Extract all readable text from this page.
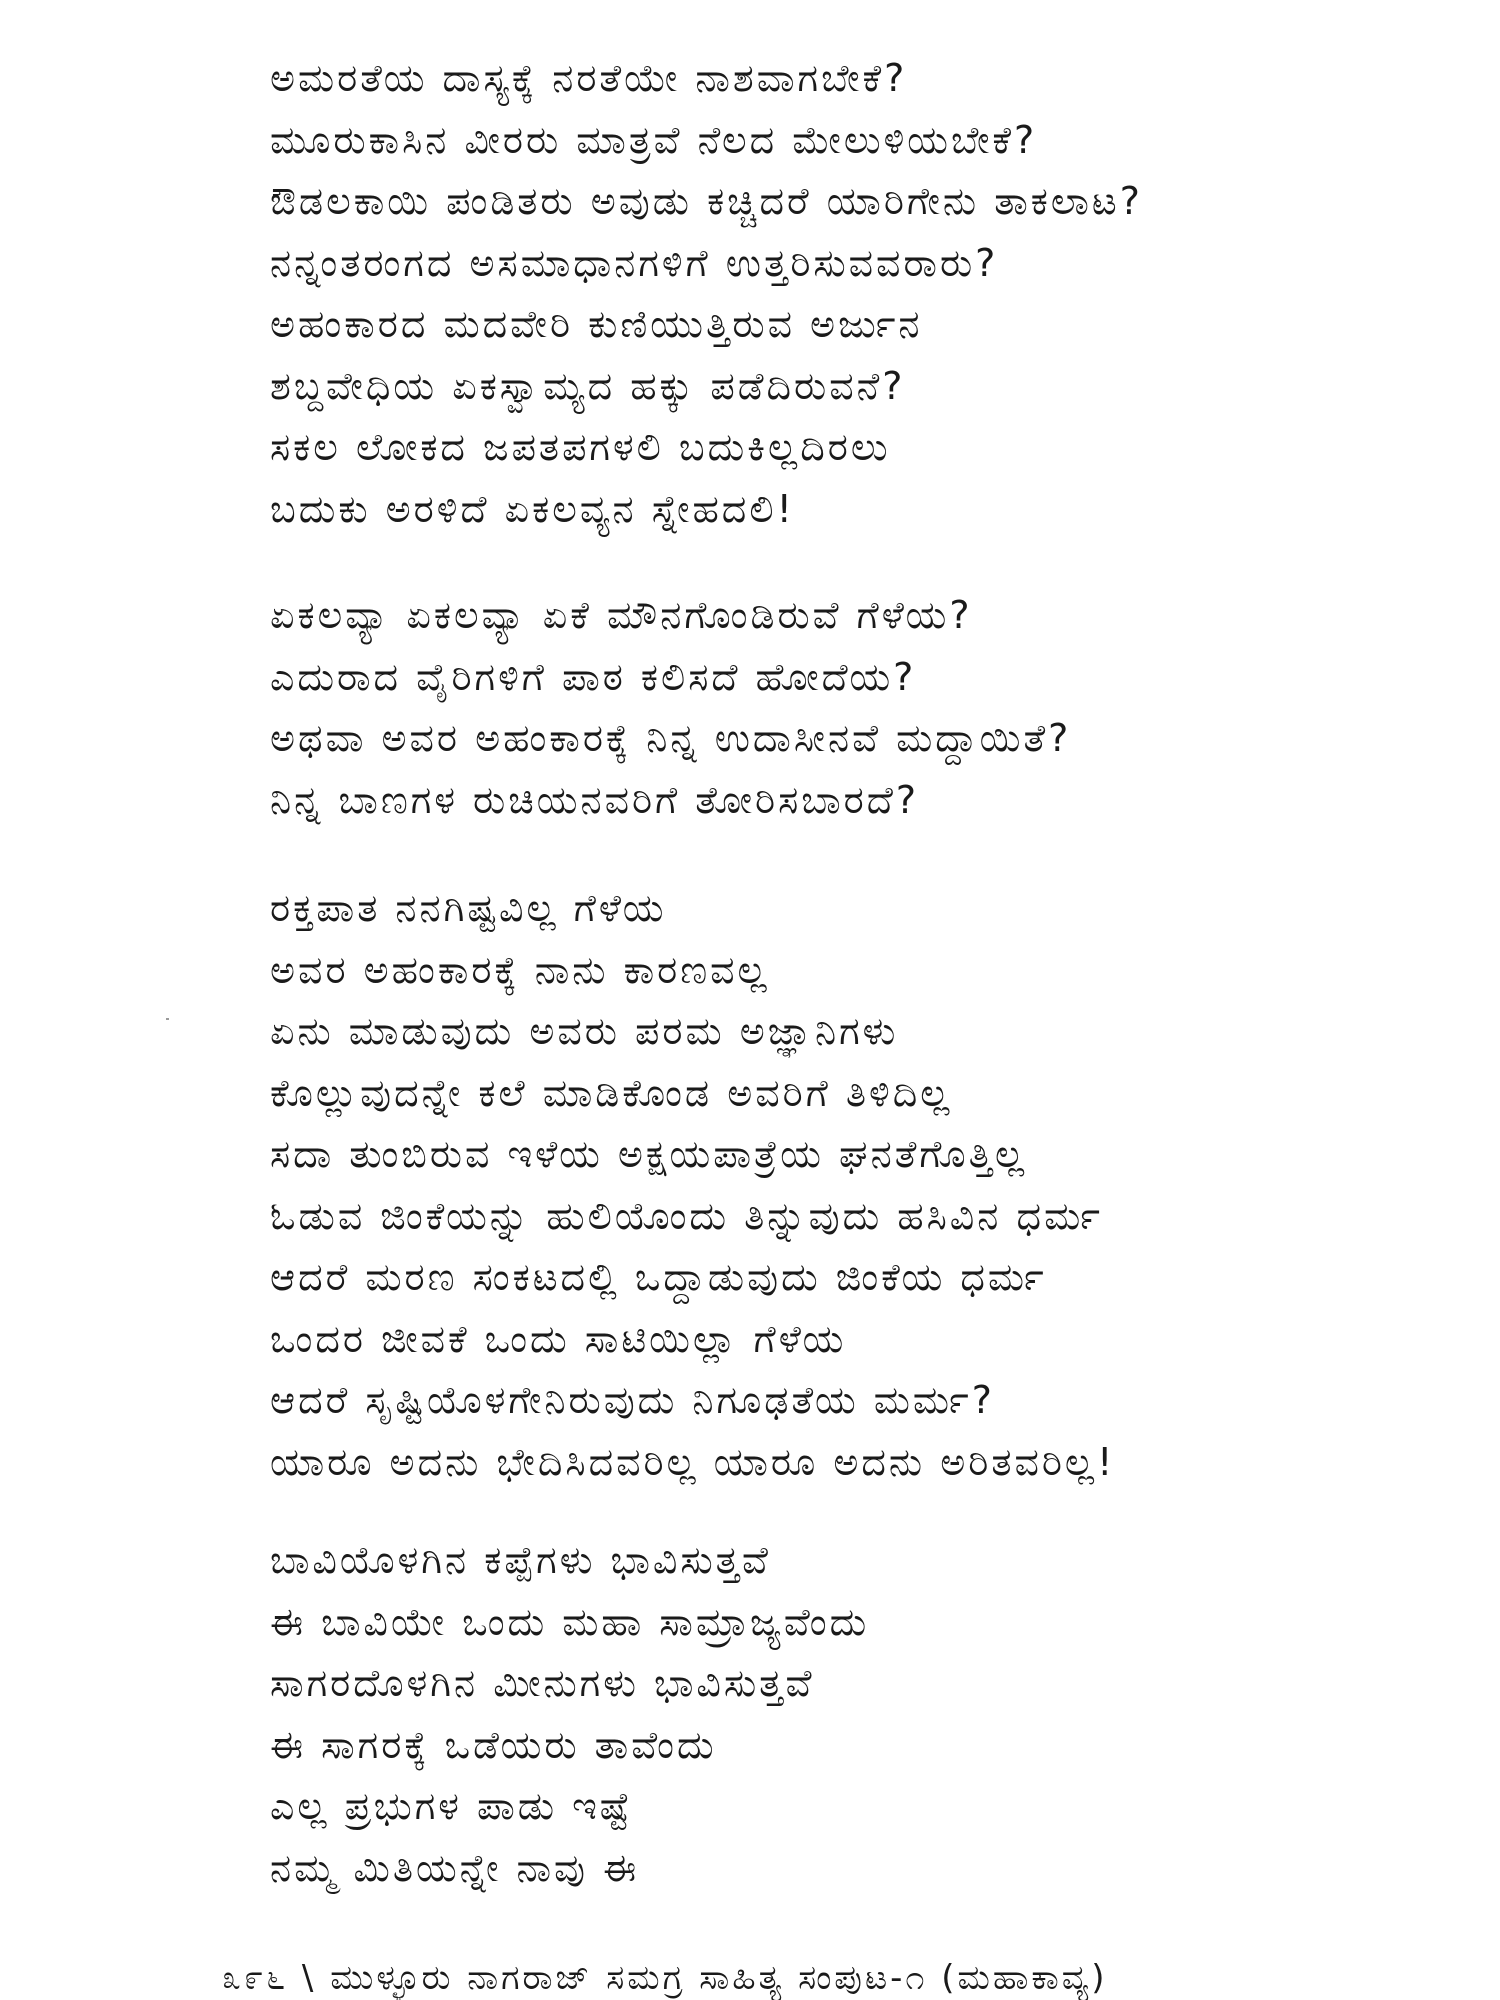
ಅಮರತೆಯ ದಾಸ್ಯಕ್ಕೆ ನರತೆಯೇ ನಾಶವಾಗಬೇಕೆ?
ಮೂರುಕಾಸಿನ ವೀರರು ಮಾತ್ರವೆ ನೆಲದ ಮೇಲುಳಿಯಬೇಕೆ?
ಔಡಲಕಾಯಿ ಪಂಡಿತರು ಅವುಡು ಕಚ್ಚಿದರೆ ಯಾರಿಗೇನು ತಾಕಲಾಟ?
ನನ್ನಂತರಂಗದ ಅಸಮಾಧಾನಗಳಿಗೆ ಉತ್ತರಿಸುವವರಾರು?
ಅಹಂಕಾರದ ಮದವೇರಿ ಕುಣಿಯುತ್ತಿರುವ ಅರ್ಜುನ
ಶಬ್ದವೇಧಿಯ ಏಕಸ್ವಾಮ್ಯದ ಹಕ್ಕು ಪಡೆದಿರುವನೆ?
ಸಕಲ ಲೋಕದ ಜಪತಪಗಳಲಿ ಬದುಕಿಲ್ಲದಿರಲು
ಬದುಕು ಅರಳಿದೆ ಏಕಲವ್ಯನ ಸ್ನೇಹದಲಿ!
ಏಕಲವ್ಯಾ ಏಕಲವ್ಯಾ ಏಕೆ ಮೌನಗೊಂಡಿರುವೆ ಗೆಳೆಯ?
ಎದುರಾದ ವೈರಿಗಳಿಗೆ ಪಾಠ ಕಲಿಸದೆ ಹೋದೆಯ?
ಅಥವಾ ಅವರ ಅಹಂಕಾರಕ್ಕೆ ನಿನ್ನ ಉದಾಸೀನವೆ ಮದ್ದಾಯಿತೆ?
ನಿನ್ನ ಬಾಣಗಳ ರುಚಿಯನವರಿಗೆ ತೋರಿಸಬಾರದೆ?
ರಕ್ತಪಾತ ನನಗಿಷ್ಟವಿಲ್ಲ ಗೆಳೆಯ
ಅವರ ಅಹಂಕಾರಕ್ಕೆ ನಾನು ಕಾರಣವಲ್ಲ
ಏನು ಮಾಡುವುದು ಅವರು ಪರಮ ಅಜ್ಞಾನಿಗಳು
ಕೊಲ್ಲುವುದನ್ನೇ ಕಲೆ ಮಾಡಿಕೊಂಡ ಅವರಿಗೆ ತಿಳಿದಿಲ್ಲ
ಸದಾ ತುಂಬಿರುವ ಇಳೆಯ ಅಕ್ಷಯಪಾತ್ರೆಯ ಘನತೆಗೊತ್ತಿಲ್ಲ
ಓಡುವ ಜಿಂಕೆಯನ್ನು ಹುಲಿಯೊಂದು ತಿನ್ನುವುದು ಹಸಿವಿನ ಧರ್ಮ
ಆದರೆ ಮರಣ ಸಂಕಟದಲ್ಲಿ ಒದ್ದಾಡುವುದು ಜಿಂಕೆಯ ಧರ್ಮ
ಒಂದರ ಜೀವಕೆ ಒಂದು ಸಾಟಿಯಿಲ್ಲಾ ಗೆಳೆಯ
ಆದರೆ ಸೃಷ್ಟಿಯೊಳಗೇನಿರುವುದು ನಿಗೂಢತೆಯ ಮರ್ಮ?
ಯಾರೂ ಅದನು ಭೇದಿಸಿದವರಿಲ್ಲ ಯಾರೂ ಅದನು ಅರಿತವರಿಲ್ಲ!
ಬಾವಿಯೊಳಗಿನ ಕಪ್ಪೆಗಳು ಭಾವಿಸುತ್ತವೆ
ಈ ಬಾವಿಯೇ ಒಂದು ಮಹಾ ಸಾಮ್ರಾಜ್ಯವೆಂದು
ಸಾಗರದೊಳಗಿನ ಮೀನುಗಳು ಭಾವಿಸುತ್ತವೆ
ಈ ಸಾಗರಕ್ಕೆ ಒಡೆಯರು ತಾವೆಂದು
ಎಲ್ಲ ಪ್ರಭುಗಳ ಪಾಡು ಇಷ್ಟೆ
ನಮ್ಮ ಮಿತಿಯನ್ನೇ ನಾವು ಈ
೩೯೬ \ ಮುಳ್ಳೂರು ನಾಗರಾಜ್ ಸಮಗ್ರ ಸಾಹಿತ್ಯ ಸಂಪುಟ-೧ (ಮಹಾಕಾವ್ಯ)
